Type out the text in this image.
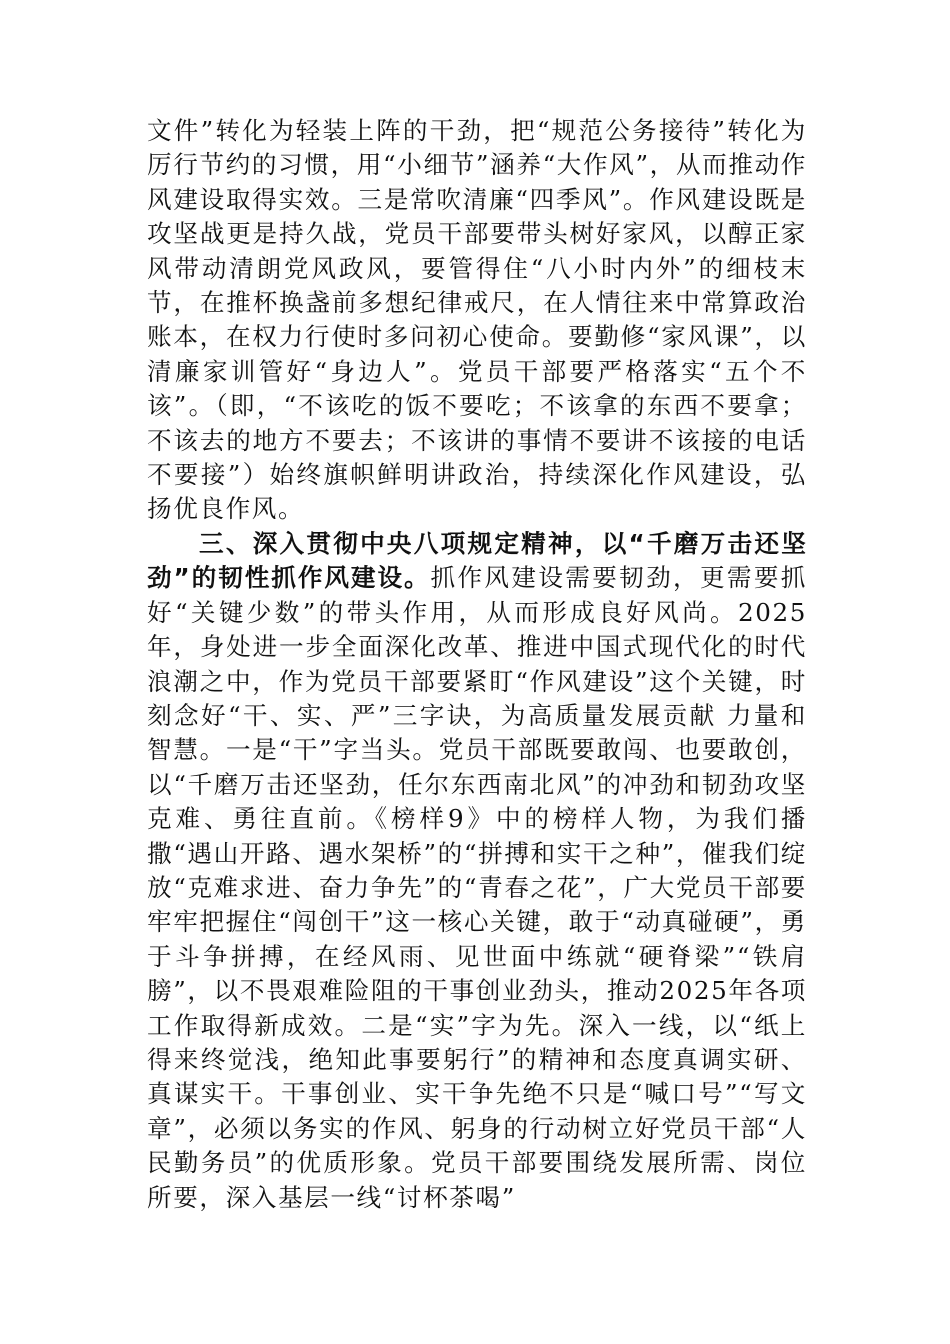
文件”转化为轻装上阵的干劲，把“规范公务接待”转化为厉行节约的习惯，用“小细节”涵养“大作风”，从而推动作风建设取得实效。三是常吹清廉“四季风”。作风建设既是攻坚战更是持久战，党员干部要带头树好家风，以醇正家风带动清朗党风政风，要管得住“八小时内外”的细枝末节，在推杯换盏前多想纪律戒尺，在人情往来中常算政治账本，在权力行使时多问初心使命。要勤修“家风课”，以清廉家训管好“身边人”。党员干部要严格落实“五个不该”。（即，“不该吃的饭不要吃；不该拿的东西不要拿；不该去的地方不要去；不该讲的事情不要讲不该接的电话不要接”）始终旗帜鲜明讲政治，持续深化作风建设，弘扬优良作风。

三、深入贯彻中央八项规定精神，以“千磨万击还坚劲”的韧性抓作风建设。抓作风建设需要韧劲，更需要抓好“关键少数”的带头作用，从而形成良好风尚。2025年，身处进一步全面深化改革、推进中国式现代化的时代浪潮之中，作为党员干部要紧盯“作风建设”这个关键，时刻念好“干、实、严”三字诀，为高质量发展贡献 力量和智慧。一是“干”字当头。党员干部既要敢闯、也要敢创，以“千磨万击还坚劲，任尔东西南北风”的冲劲和韧劲攻坚克难、勇往直前。《榜样9》中的榜样人物，为我们播撒“遇山开路、遇水架桥”的“拼搏和实干之种”，催我们绽放“克难求进、奋力争先”的“青春之花”，广大党员干部要牢牢把握住“闯创干”这一核心关键，敢于“动真碰硬”，勇于斗争拼搏，在经风雨、见世面中练就“硬脊梁”“铁肩膀”，以不畏艰难险阻的干事创业劲头，推动2025年各项工作取得新成效。二是“实”字为先。深入一线，以“纸上得来终觉浅，绝知此事要躬行”的精神和态度真调实研、真谋实干。干事创业、实干争先绝不只是“喊口号”“写文章”，必须以务实的作风、躬身的行动树立好党员干部“人民勤务员”的优质形象。党员干部要围绕发展所需、岗位所要，深入基层一线“讨杯茶喝”
